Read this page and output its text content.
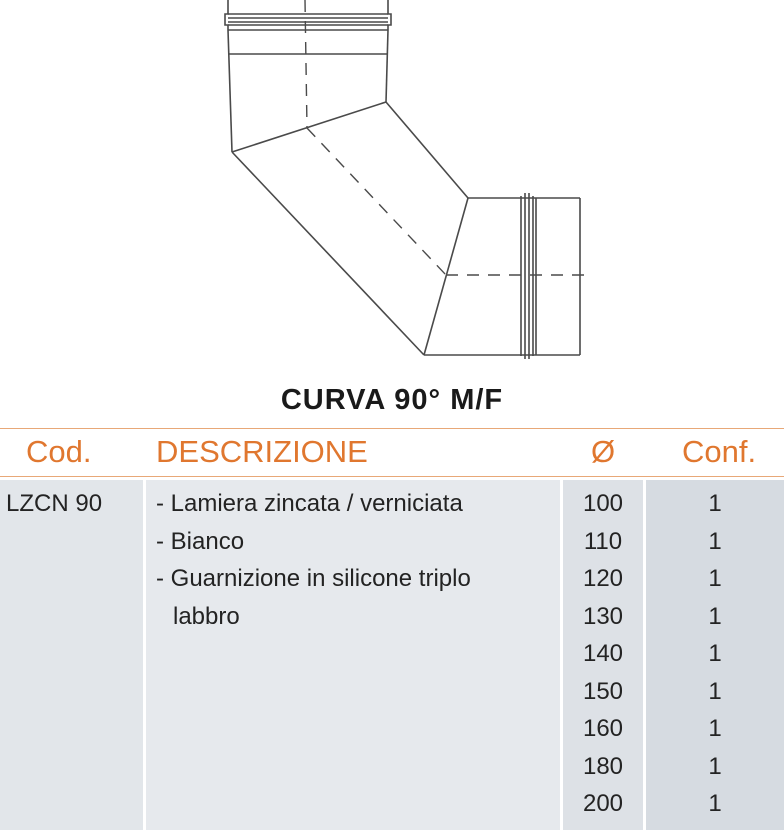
CURVA 90° M/F
Cod. DESCRIZIONE	Ø	Conf.
LZCN 90 - Lamiera zincata / verniciata
- Bianco
- Guarnizione in silicone triplo
labbro
100
110
120
130
140
150
160
180
200
1
1
1
1
1
1
1
1
1
